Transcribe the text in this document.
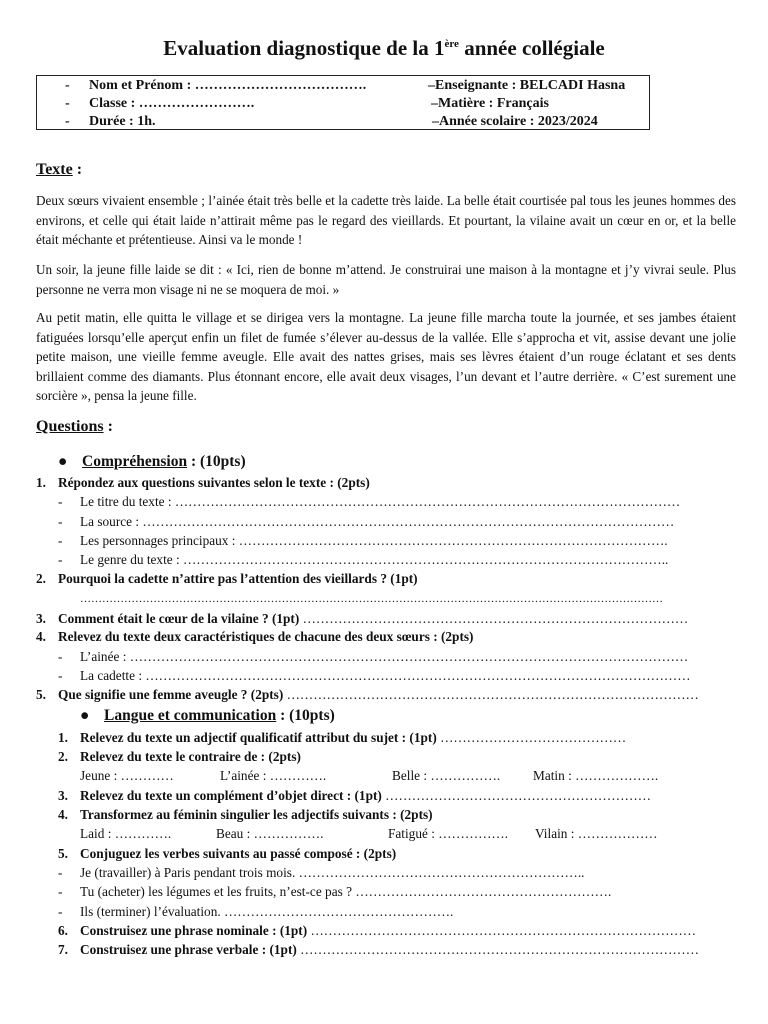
Evaluation diagnostique de la 1ère année collégiale
- Nom et Prénom : ……………………………….	–Enseignante : BELCADI Hasna
- Classe : …………………….	–Matière : Français
- Durée : 1h.	–Année scolaire : 2023/2024
Texte :

Deux sœurs vivaient ensemble ; l’ainée était très belle et la cadette très laide. La belle était courtisée pal tous les jeunes hommes des environs, et celle qui était laide n’attirait même pas le regard des vieillards. Et pourtant, la vilaine avait un cœur en or, et la belle était méchante et prétentieuse. Ainsi va le monde !

Un soir, la jeune fille laide se dit : « Ici, rien de bonne m’attend. Je construirai une maison à la montagne et j’y vivrai seule. Plus personne ne verra mon visage ni ne se moquera de moi. »

Au petit matin, elle quitta le village et se dirigea vers la montagne. La jeune fille marcha toute la journée, et ses jambes étaient fatiguées lorsqu’elle aperçut enfin un filet de fumée s’élever au-dessus de la vallée. Elle s’approcha et vit, assise devant une jolie petite maison, une vieille femme aveugle. Elle avait des nattes grises, mais ses lèvres étaient d’un rouge éclatant et ses dents brillaient comme des diamants. Plus étonnant encore, elle avait deux visages, l’un devant et l’autre derrière. « C’est surement une sorcière », pensa la jeune fille.

Questions :
● Compréhension : (10pts)
1. Répondez aux questions suivantes selon le texte : (2pts)
- Le titre du texte : ……………………………………………………………………………………………………
- La source : …………………………………………………………………………………………………………
- Les personnages principaux : …………………………………………………………………………………….
- Le genre du texte : ………………………………………………………………………………………………..
2. Pourquoi la cadette n’attire pas l’attention des vieillards ? (1pt)
……………………………………………………………………………………………………………………………………………
3. Comment était le cœur de la vilaine ? (1pt) ……………………………………………………………………………
4. Relevez du texte deux caractéristiques de chacune des deux sœurs : (2pts)
- L’ainée : ………………………………………………………………………………………………………………
- La cadette : ……………………………………………………………………………………………………………
5. Que signifie une femme aveugle ? (2pts) …………………………………………………………………………………
● Langue et communication : (10pts)
1. Relevez du texte un adjectif qualificatif attribut du sujet : (1pt) ……………………………………
2. Relevez du texte le contraire de : (2pts)
Jeune : …………	L’ainée : ………….	Belle : ……………. Matin : ……………….
3. Relevez du texte un complément d’objet direct : (1pt) ……………………………………………………
4. Transformez au féminin singulier les adjectifs suivants : (2pts)
Laid : ………….	Beau : …………….	Fatigué : ……………. Vilain : ………………
5. Conjuguez les verbes suivants au passé composé : (2pts)
- Je (travailler) à Paris pendant trois mois. ………………………………………………………..
- Tu (acheter) les légumes et les fruits, n’est-ce pas ? ………………………………………………….
- Ils (terminer) l’évaluation. …………………………………………….
6. Construisez une phrase nominale : (1pt) ……………………………………………………………………………
7. Construisez une phrase verbale : (1pt) ………………………………………………………………………………
